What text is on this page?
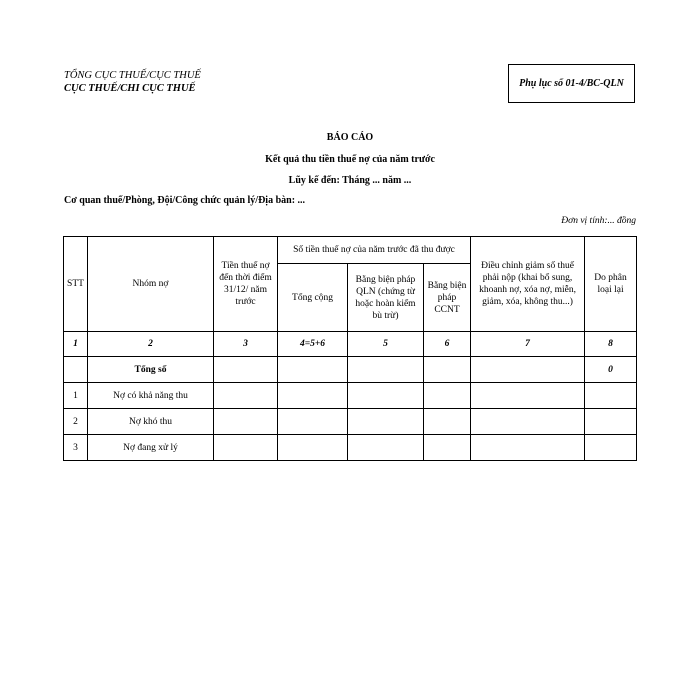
TỔNG CỤC THUẾ/CỤC THUẾ
CỤC THUẾ/CHI CỤC THUẾ	Phụ lục số 01-4/BC-QLN
BÁO CÁO
Kết quả thu tiền thuế nợ của năm trước
Lũy kế đến: Tháng ... năm ...
Cơ quan thuế/Phòng, Đội/Công chức quản lý/Địa bàn: ...
Đơn vị tính:... đồng
STT	Nhóm nợ	Tiền thuế nợ đến thời điểm 31/12/ năm trước	Số tiền thuế nợ của năm trước đã thu được			Điều chỉnh giảm số thuế phải nộp (khai bổ sung, khoanh nợ, xóa nợ, miễn, giảm, xóa, không thu...)	Do phân loại lại
			Tổng cộng	Bằng biện pháp QLN (chứng từ hoặc hoàn kiểm bù trừ)	Bằng biện pháp CCNT		
1	2	3	4=5+6	5	6	7	8
	Tổng số						0
1	Nợ có khả năng thu						
2	Nợ khó thu						
3	Nợ đang xử lý						
